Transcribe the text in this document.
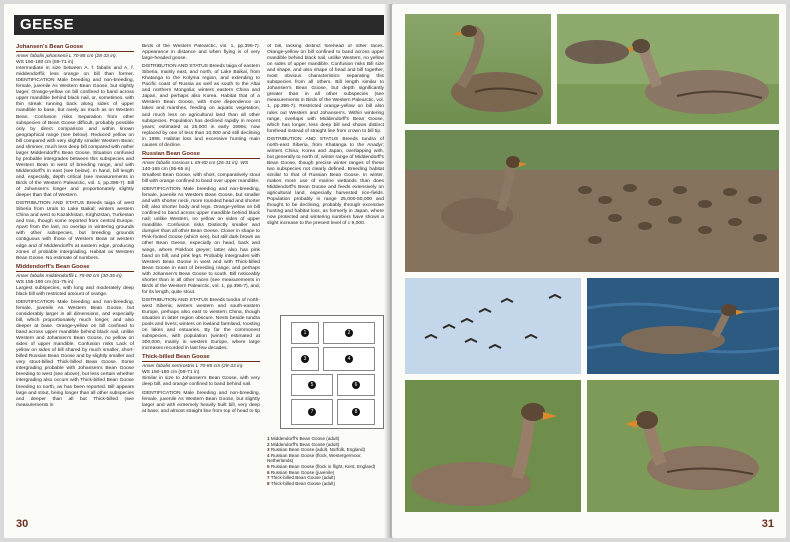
GEESE
Johansen's Bean Goose
Anser fabalis johansenii L 70-85 cm (28-33 in).
WS 150-180 cm (59-71 in)
Intermediate in size between A. f. fabalis and A. f. middendorffii; less orange on bill than former. IDENTIFICATION Male breeding and non-breeding, female, juvenile As Western Bean Goose, but slightly larger. Orange-yellow on bill confined to band across upper mandible behind black nail, or, sometimes, with thin streak running back along sides of upper mandible to base, but rarely as much as on Western Bean. Confusion risks Separation from other subspecies of Bean Goose difficult, probably possible only by direct comparison and within known geographical range (see below). Reduced yellow on bill compared with very slightly smaller Western Bean; and slimmer, much less deep bill compared with rather larger Middendorff's Bean Goose. Situation confused by probable intergrades between this subspecies and Western Bean in west of breeding range, and with Middendorff's in east (see below). In hand, bill length and, especially, depth critical (see measurements in Birds of the Western Palearctic, vol. 1, pp.396-7). Bill of Johansen's longer and proportionately slightly deeper than that of Western.
DISTRIBUTION AND STATUS Breeds taiga of west Siberia from Urals to Lake Baikal; winters western China and west to Kazakhstan, Kirghizstan, Turkestan and Iran, though some reported from central Europe. Apart from the last, no overlap in wintering grounds with other subspecies, but breeding grounds contiguous with those of Western Bean at western edge and of Middendorff's at eastern edge, producing zones of probable intergrading. Habitat as Western Bean Goose. No estimate of numbers.
Middendorff's Bean Goose
Anser fabalis middendorffii L 75-90 cm (30-35 in).
WS 155-190 cm (61-75 in)
Largest subspecies, with long and moderately deep black bill with restricted amount of orange.
IDENTIFICATION Male breeding and non-breeding, female, juvenile As Western Bean Goose, but considerably larger in all dimensions, and especially bill, which proportionately much longer, and also deeper at base. Orange-yellow on bill confined to band across upper mandible behind black nail, unlike Western and Johansen's Bean Goose, no yellow on sides of upper mandible. Confusion risks Lack of yellow on sides of bill shared by much smaller, short-billed Russian Bean Goose and by slightly smaller and very stout-billed Thick-billed Bean Goose. Some intergrading probable with Johansen's Bean Goose breeding to west (see above), but less certain whether intergrading also occurs with Thick-billed Bean Goose breeding to north, as has been reported. Bill appears large and stout, being longer than all other subspecies and deeper than all but Thick-billed (see measurements in
Birds of the Western Palearctic, vol. 1, pp.396-7). Appearance in distance and when flying is of very large-headed goose.
DISTRIBUTION AND STATUS Breeds taiga of eastern Siberia, mainly east, and north, of Lake Baikal, from Khatanga to the Kolyma region, and extending to Pacific coast of Russia as well as south to the Altai and northern Mongolia; winters eastern China and Japan, and perhaps also Korea. Habitat that of a Western Bean Goose, with more dependence on lakes and marshes, feeding on aquatic vegetation, and much less on agricultural land than all other subspecies. Population has declined rapidly in recent years; estimated at 25,000 in early 1990s, now replaced by one of less than 10,000 and still declining in 1996. Habitat loss and excessive hunting main causes of decline.
Russian Bean Goose
Anser fabalis rossicus L 65-80 cm (26-31 in). WS
140-165 cm (55-65 in)
Smallest Bean Goose, with short, comparatively stout bill with orange confined to band over upper mandible.
IDENTIFICATION Male breeding and non-breeding, female, juvenile As Western Bean Goose, but smaller and with shorter neck, more rounded head and shorter bill; also shorter body and legs. Orange-yellow on bill confined to band across upper mandible behind black nail; unlike Western, no yellow on sides of upper mandible. Confusion risks Distinctly smaller and dumpier than all other Bean Geese. Closer in shape to Pink-footed Goose (which see), but still dark brown as other Bean Geese, especially on head, back and wings, where Pinkfoot greyer; latter also has pink band on bill, and pink legs. Probably intergrades with Western Bean Goose in west and with Thick-billed Bean Goose in east of breeding range, and perhaps with Johansen's Bean Goose to south. Bill noticeably shorter than in all other races (see measurements in Birds of the Western Palearctic, vol. 1, pp.396-7), and, for its length, quite stout.
DISTRIBUTION AND STATUS Breeds tundra of north-west Siberia; winters western and south-eastern Europe, perhaps also east to western China, though situation in latter region obscure. Nests beside tundra pools and rivers; winters on lowland farmland, roosting on lakes and estuaries. By far the commonest subspecies, with population (winter) estimated at 300,000, mainly in western Europe, where large increases recorded in last few decades.
Thick-billed Bean Goose
Anser fabalis serrirostris L 70-85 cm (28-33 in).
WS 150-180 cm (59-71 in)
Similar in size to Johansen's Bean Goose, with very deep bill, and orange confined to band behind nail.
IDENTIFICATION Male breeding and non-breeding, female, juvenile As Western Bean Goose, but slightly larger and with extremely heavily built bill, very deep at base, and almost straight line from top of head to tip
of bill, lacking distinct forehead of other races. Orange-yellow on bill confined to band across upper mandible behind black nail, unlike Western, no yellow on sides of upper mandible. Confusion risks Bill size and shape, and also shape of head and bill together, most obvious characteristics separating this subspecies from all others. Bill length similar to Johansen's Bean Goose, but depth significantly greater than in all other subspecies (see measurements in Birds of the Western Palearctic, vol. 1, pp.396-7). Restricted orange-yellow on bill also rules out Western and Johansen's. Within wintering range, overlaps with Middendorff's Bean Goose, which has longer, less deep bill and shows distinct forehead instead of straight line from crown to bill tip.
DISTRIBUTION AND STATUS Breeds tundra of north-east Siberia, from Khatanga to the Anadyr; winters China, Korea and Japan, overlapping with, but generally to north of, winter range of Middendorff's Bean Goose, though precise winter ranges of these two subspecies not clearly defined. Breeding habitat similar to that of Russian Bean Goose. In winter, makes more use of marine wetlands than does Middendorff's Bean Goose and feeds extensively on agricultural land, especially harvested rice-fields. Population probably in range 25,000-50,000 and thought to be declining, probably through excessive hunting and habitat loss, as formerly in Japan, where now protected and wintering numbers have shown a slight increase to the present level of c 9,000.
1	2
3	4
5	6
7	8
1 Middendorff's Bean Goose (adult)
2 Middendorff's Bean Goose (adult)
3 Russian Bean Goose (adult, Norfolk, England)
4 Russian Bean Goose (flock, Westergermoor, Netherlands)
5 Russian Bean Goose (flock in flight, Kent, England)
6 Russian Bean Goose (juvenile)
7 Thick-billed Bean Goose (adult)
8 Thick-billed Bean Goose (adult)
30	31
